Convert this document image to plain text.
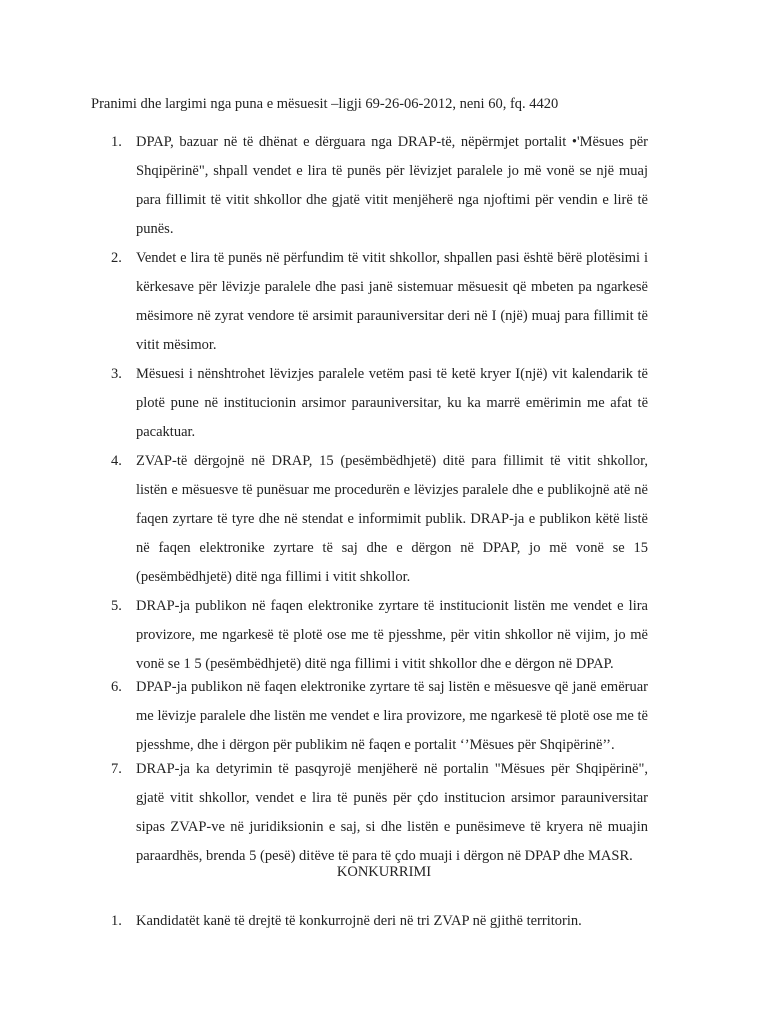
Pranimi dhe largimi nga puna e mësuesit –ligji 69-26-06-2012, neni 60, fq. 4420
1. DPAP, bazuar në të dhënat e dërguara nga DRAP-të, nëpërmjet portalit •'Mësues për Shqipërinë", shpall vendet e lira të punës për lëvizjet paralele jo më vonë se një muaj para fillimit të vitit shkollor dhe gjatë vitit menjëherë nga njoftimi për vendin e lirë të punës.
2. Vendet e lira të punës në përfundim të vitit shkollor, shpallen pasi është bërë plotësimi i kërkesave për lëvizje paralele dhe pasi janë sistemuar mësuesit që mbeten pa ngarkesë mësimore në zyrat vendore të arsimit parauniversitar deri në I (një) muaj para fillimit të vitit mësimor.
3. Mësuesi i nënshtrohet lëvizjes paralele vetëm pasi të ketë kryer I(një) vit kalendarik të plotë pune në institucionin arsimor parauniversitar, ku ka marrë emërimin me afat të pacaktuar.
4. ZVAP-të dërgojnë në DRAP, 15 (pesëmbëdhjetë) ditë para fillimit të vitit shkollor, listën e mësuesve të punësuar me procedurën e lëvizjes paralele dhe e publikojnë atë në faqen zyrtare të tyre dhe në stendat e informimit publik. DRAP-ja e publikon këtë listë në faqen elektronike zyrtare të saj dhe e dërgon në DPAP, jo më vonë se 15 (pesëmbëdhjetë) ditë nga fillimi i vitit shkollor.
5. DRAP-ja publikon në faqen elektronike zyrtare të institucionit listën me vendet e lira provizore, me ngarkesë të plotë ose me të pjesshme, për vitin shkollor në vijim, jo më vonë se 1 5 (pesëmbëdhjetë) ditë nga fillimi i vitit shkollor dhe e dërgon në DPAP.
6. DPAP-ja publikon në faqen elektronike zyrtare të saj listën e mësuesve që janë emëruar me lëvizje paralele dhe listën me vendet e lira provizore, me ngarkesë të plotë ose me të pjesshme, dhe i dërgon për publikim në faqen e portalit ‘’Mësues për Shqipërinë’’.
7. DRAP-ja ka detyrimin të pasqyrojë menjëherë në portalin "Mësues për Shqipërinë", gjatë vitit shkollor, vendet e lira të punës për çdo institucion arsimor parauniversitar sipas ZVAP-ve në juridiksionin e saj, si dhe listën e punësimeve të kryera në muajin paraardhës, brenda 5 (pesë) ditëve të para të çdo muaji i dërgon në DPAP dhe MASR.
KONKURRIMI
1. Kandidatët kanë të drejtë të konkurrojnë deri në tri ZVAP në gjithë territorin.
